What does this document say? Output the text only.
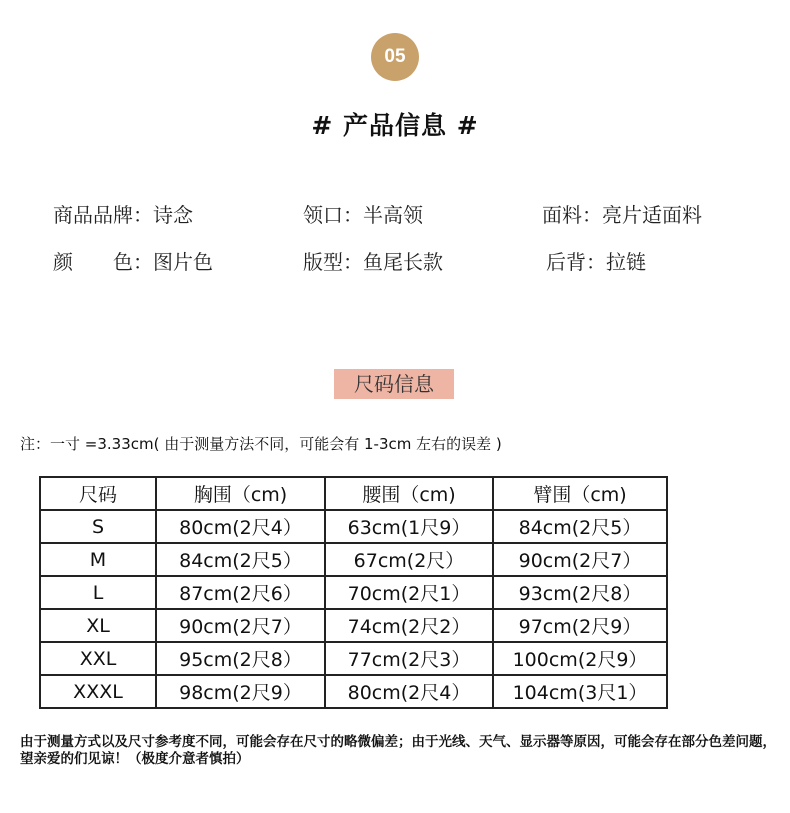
05
# 产品信息 #
商品品牌：诗念	领口：半高领	面料：亮片适面料
颜　　色：图片色	版型：鱼尾长款	后背：拉链
尺码信息
注：一寸 =3.33cm( 由于测量方法不同，可能会有 1-3cm 左右的误差 )
尺码	胸围（cm)	腰围（cm)	臂围（cm)
S	80cm(2尺4）	63cm(1尺9）	84cm(2尺5）
M	84cm(2尺5）	67cm(2尺）	90cm(2尺7）
L	87cm(2尺6）	70cm(2尺1）	93cm(2尺8）
XL	90cm(2尺7）	74cm(2尺2）	97cm(2尺9）
XXL	95cm(2尺8）	77cm(2尺3）	100cm(2尺9）
XXXL	98cm(2尺9）	80cm(2尺4）	104cm(3尺1）
由于测量方式以及尺寸参考度不同，可能会存在尺寸的略微偏差；由于光线、天气、显示器等原因，可能会存在部分色差问题，望亲爱的们见谅！（极度介意者慎拍）
